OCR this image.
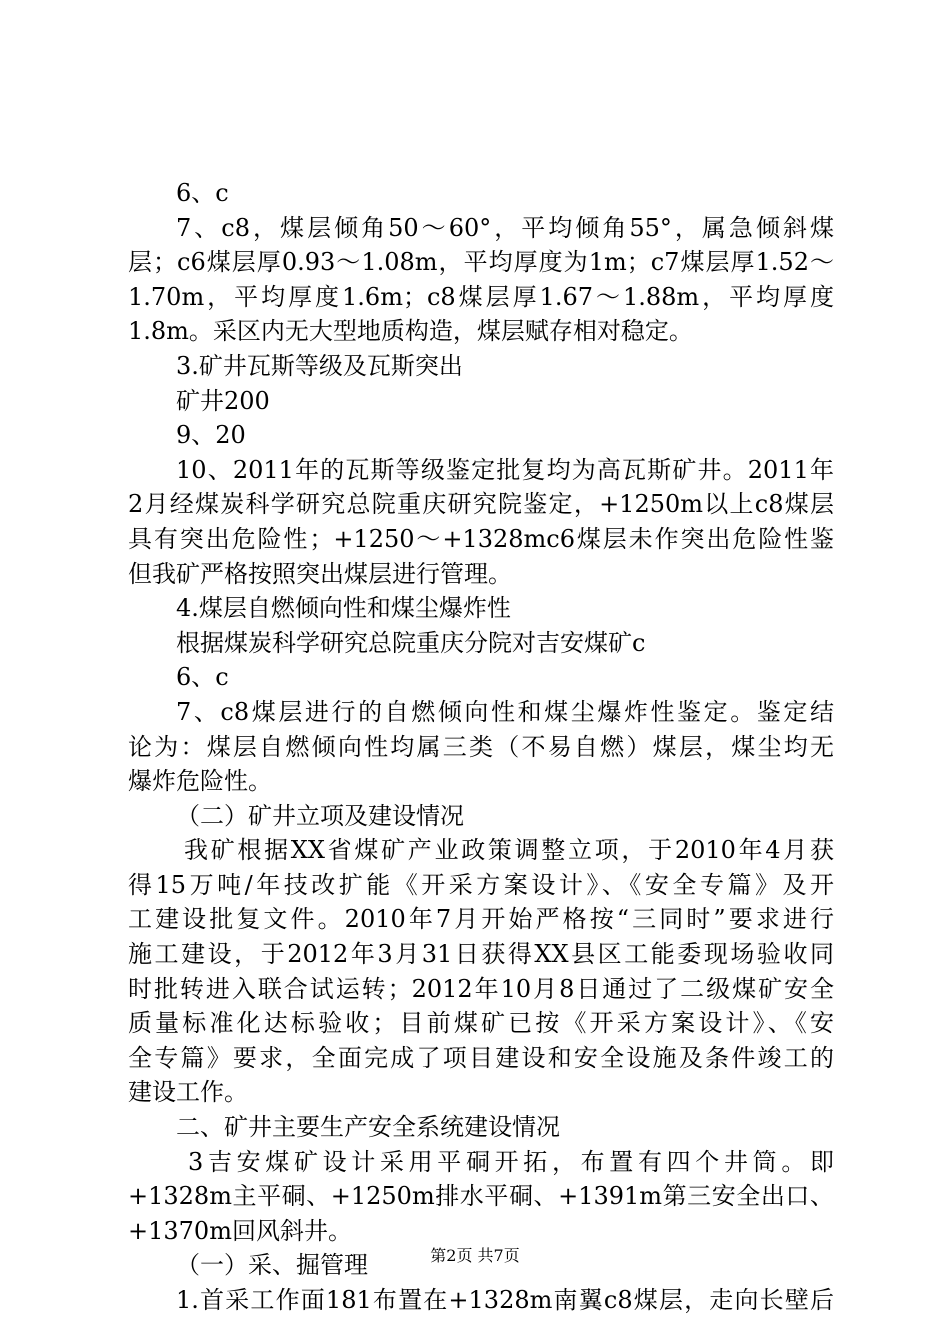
6、c
7、c8，煤层倾角50～60°，平均倾角55°，属急倾斜煤
层；c6煤层厚0.93～1.08m，平均厚度为1m；c7煤层厚1.52～
1.70m，平均厚度1.6m；c8煤层厚1.67～1.88m，平均厚度
1.8m。采区内无大型地质构造，煤层赋存相对稳定。
3.矿井瓦斯等级及瓦斯突出
矿井200
9、20
10、2011年的瓦斯等级鉴定批复均为高瓦斯矿井。2011年
2月经煤炭科学研究总院重庆研究院鉴定，+1250m以上c8煤层
具有突出危险性；+1250～+1328mc6煤层未作突出危险性鉴
但我矿严格按照突出煤层进行管理。
4.煤层自燃倾向性和煤尘爆炸性
根据煤炭科学研究总院重庆分院对吉安煤矿c
6、c
7、c8煤层进行的自燃倾向性和煤尘爆炸性鉴定。鉴定结
论为：煤层自燃倾向性均属三类（不易自燃）煤层，煤尘均无
爆炸危险性。
（二）矿井立项及建设情况
我矿根据XX省煤矿产业政策调整立项，于2010年4月获
得15万吨/年技改扩能《开采方案设计》、《安全专篇》及开
工建设批复文件。2010年7月开始严格按“三同时”要求进行
施工建设，于2012年3月31日获得XX县区工能委现场验收同
时批转进入联合试运转；2012年10月8日通过了二级煤矿安全
质量标准化达标验收；目前煤矿已按《开采方案设计》、《安
全专篇》要求，全面完成了项目建设和安全设施及条件竣工的
建设工作。
二、矿井主要生产安全系统建设情况
3吉安煤矿设计采用平硐开拓，布置有四个井筒。即
+1328m主平硐、+1250m排水平硐、+1391m第三安全出口、
+1370m回风斜井。
（一）采、掘管理
1.首采工作面181布置在+1328m南翼c8煤层，走向长壁后
第2页 共7页
